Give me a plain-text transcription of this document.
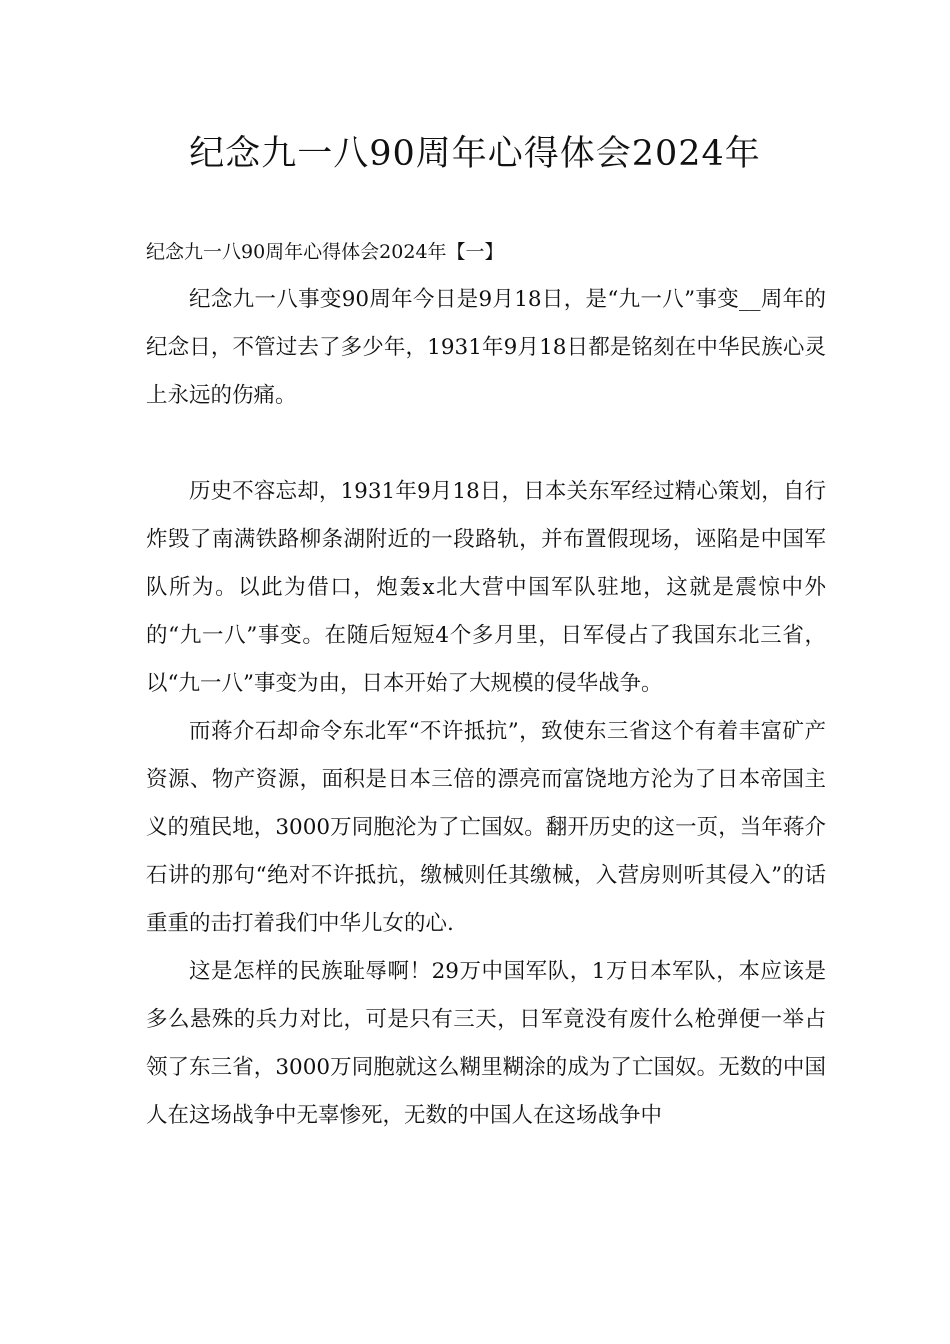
纪念九一八90周年心得体会2024年
纪念九一八90周年心得体会2024年【一】

纪念九一八事变90周年今日是9月18日，是“九一八”事变__周年的纪念日，不管过去了多少年，1931年9月18日都是铭刻在中华民族心灵上永远的伤痛。

历史不容忘却，1931年9月18日，日本关东军经过精心策划，自行炸毁了南满铁路柳条湖附近的一段路轨，并布置假现场，诬陷是中国军队所为。以此为借口，炮轰x北大营中国军队驻地，这就是震惊中外的“九一八”事变。在随后短短4个多月里，日军侵占了我国东北三省，以“九一八”事变为由，日本开始了大规模的侵华战争。

而蒋介石却命令东北军“不许抵抗”，致使东三省这个有着丰富矿产资源、物产资源，面积是日本三倍的漂亮而富饶地方沦为了日本帝国主义的殖民地，3000万同胞沦为了亡国奴。翻开历史的这一页，当年蒋介石讲的那句“绝对不许抵抗，缴械则任其缴械，入营房则听其侵入”的话重重的击打着我们中华儿女的心.

这是怎样的民族耻辱啊！29万中国军队，1万日本军队，本应该是多么悬殊的兵力对比，可是只有三天，日军竟没有废什么枪弹便一举占领了东三省，3000万同胞就这么糊里糊涂的成为了亡国奴。无数的中国人在这场战争中无辜惨死，无数的中国人在这场战争中
